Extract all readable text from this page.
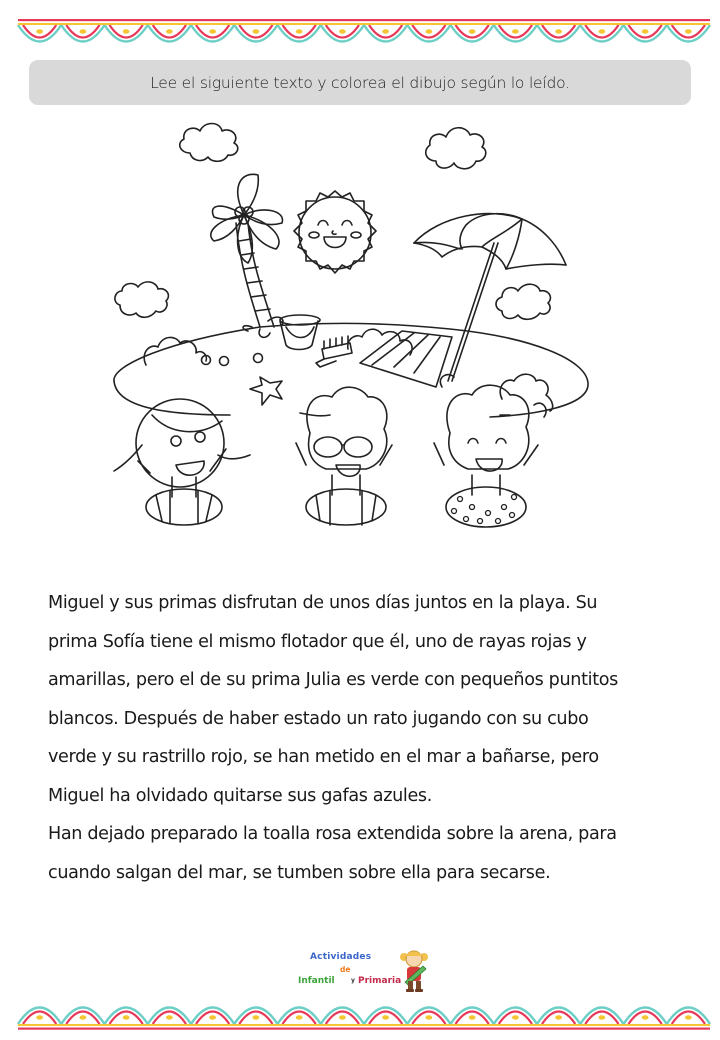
Lee el siguiente texto y colorea el dibujo según lo leído.
Miguel y sus primas disfrutan de unos días juntos en la playa. Su
prima Sofía tiene el mismo flotador que él, uno de rayas rojas y
amarillas, pero el de su prima Julia es verde con pequeños puntitos
blancos. Después de haber estado un rato jugando con su cubo
verde y su rastrillo rojo, se han metido en el mar a bañarse, pero
Miguel ha olvidado quitarse sus gafas azules.
Han dejado preparado la toalla rosa extendida sobre la arena, para
cuando salgan del mar, se tumben sobre ella para secarse.
Actividades
de
Infantil	y Primaria
